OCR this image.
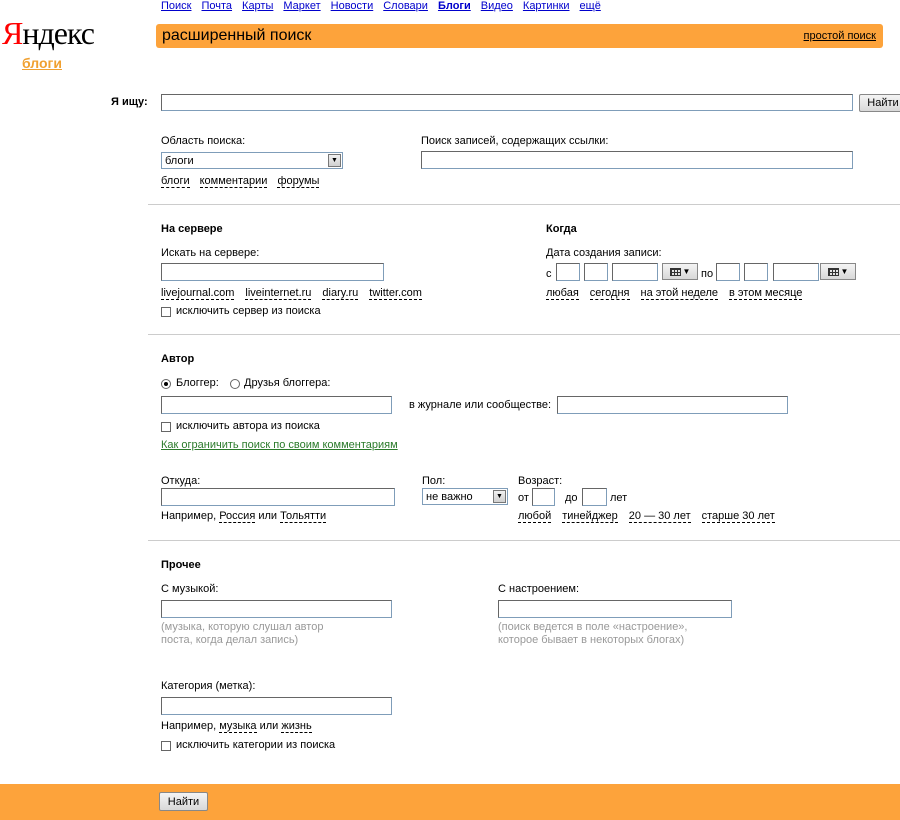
Яндекс
блоги
Поиск Почта Карты Маркет Новости Словари Блоги Видео Картинки ещё
расширенный поиск	простой поиск
Я ищу:	Найти
Область поиска:
блоги	▼
блоги комментарии форумы
Поиск записей, содержащих ссылки:
На сервере
Искать на сервере:
livejournal.com liveinternet.ru diary.ru twitter.com
исключить сервер из поиска
Когда
Дата создания записи:
с	▼ по	▼
любая сегодня на этой неделе в этом месяце
Автор
Блоггер: Друзья блоггера:
в журнале или сообществе:
исключить автора из поиска
Как ограничить поиск по своим комментариям
Откуда:
Например, Россия или Тольятти
Пол:
не важно	▼
Возраст:
от	до	лет
любой тинейджер 20 — 30 лет старше 30 лет
Прочее
С музыкой:
(музыка, которую слушал автор
поста, когда делал запись)
С настроением:
(поиск ведется в поле «настроение»,
которое бывает в некоторых блогах)
Категория (метка):
Например, музыка или жизнь
исключить категории из поиска
Найти
